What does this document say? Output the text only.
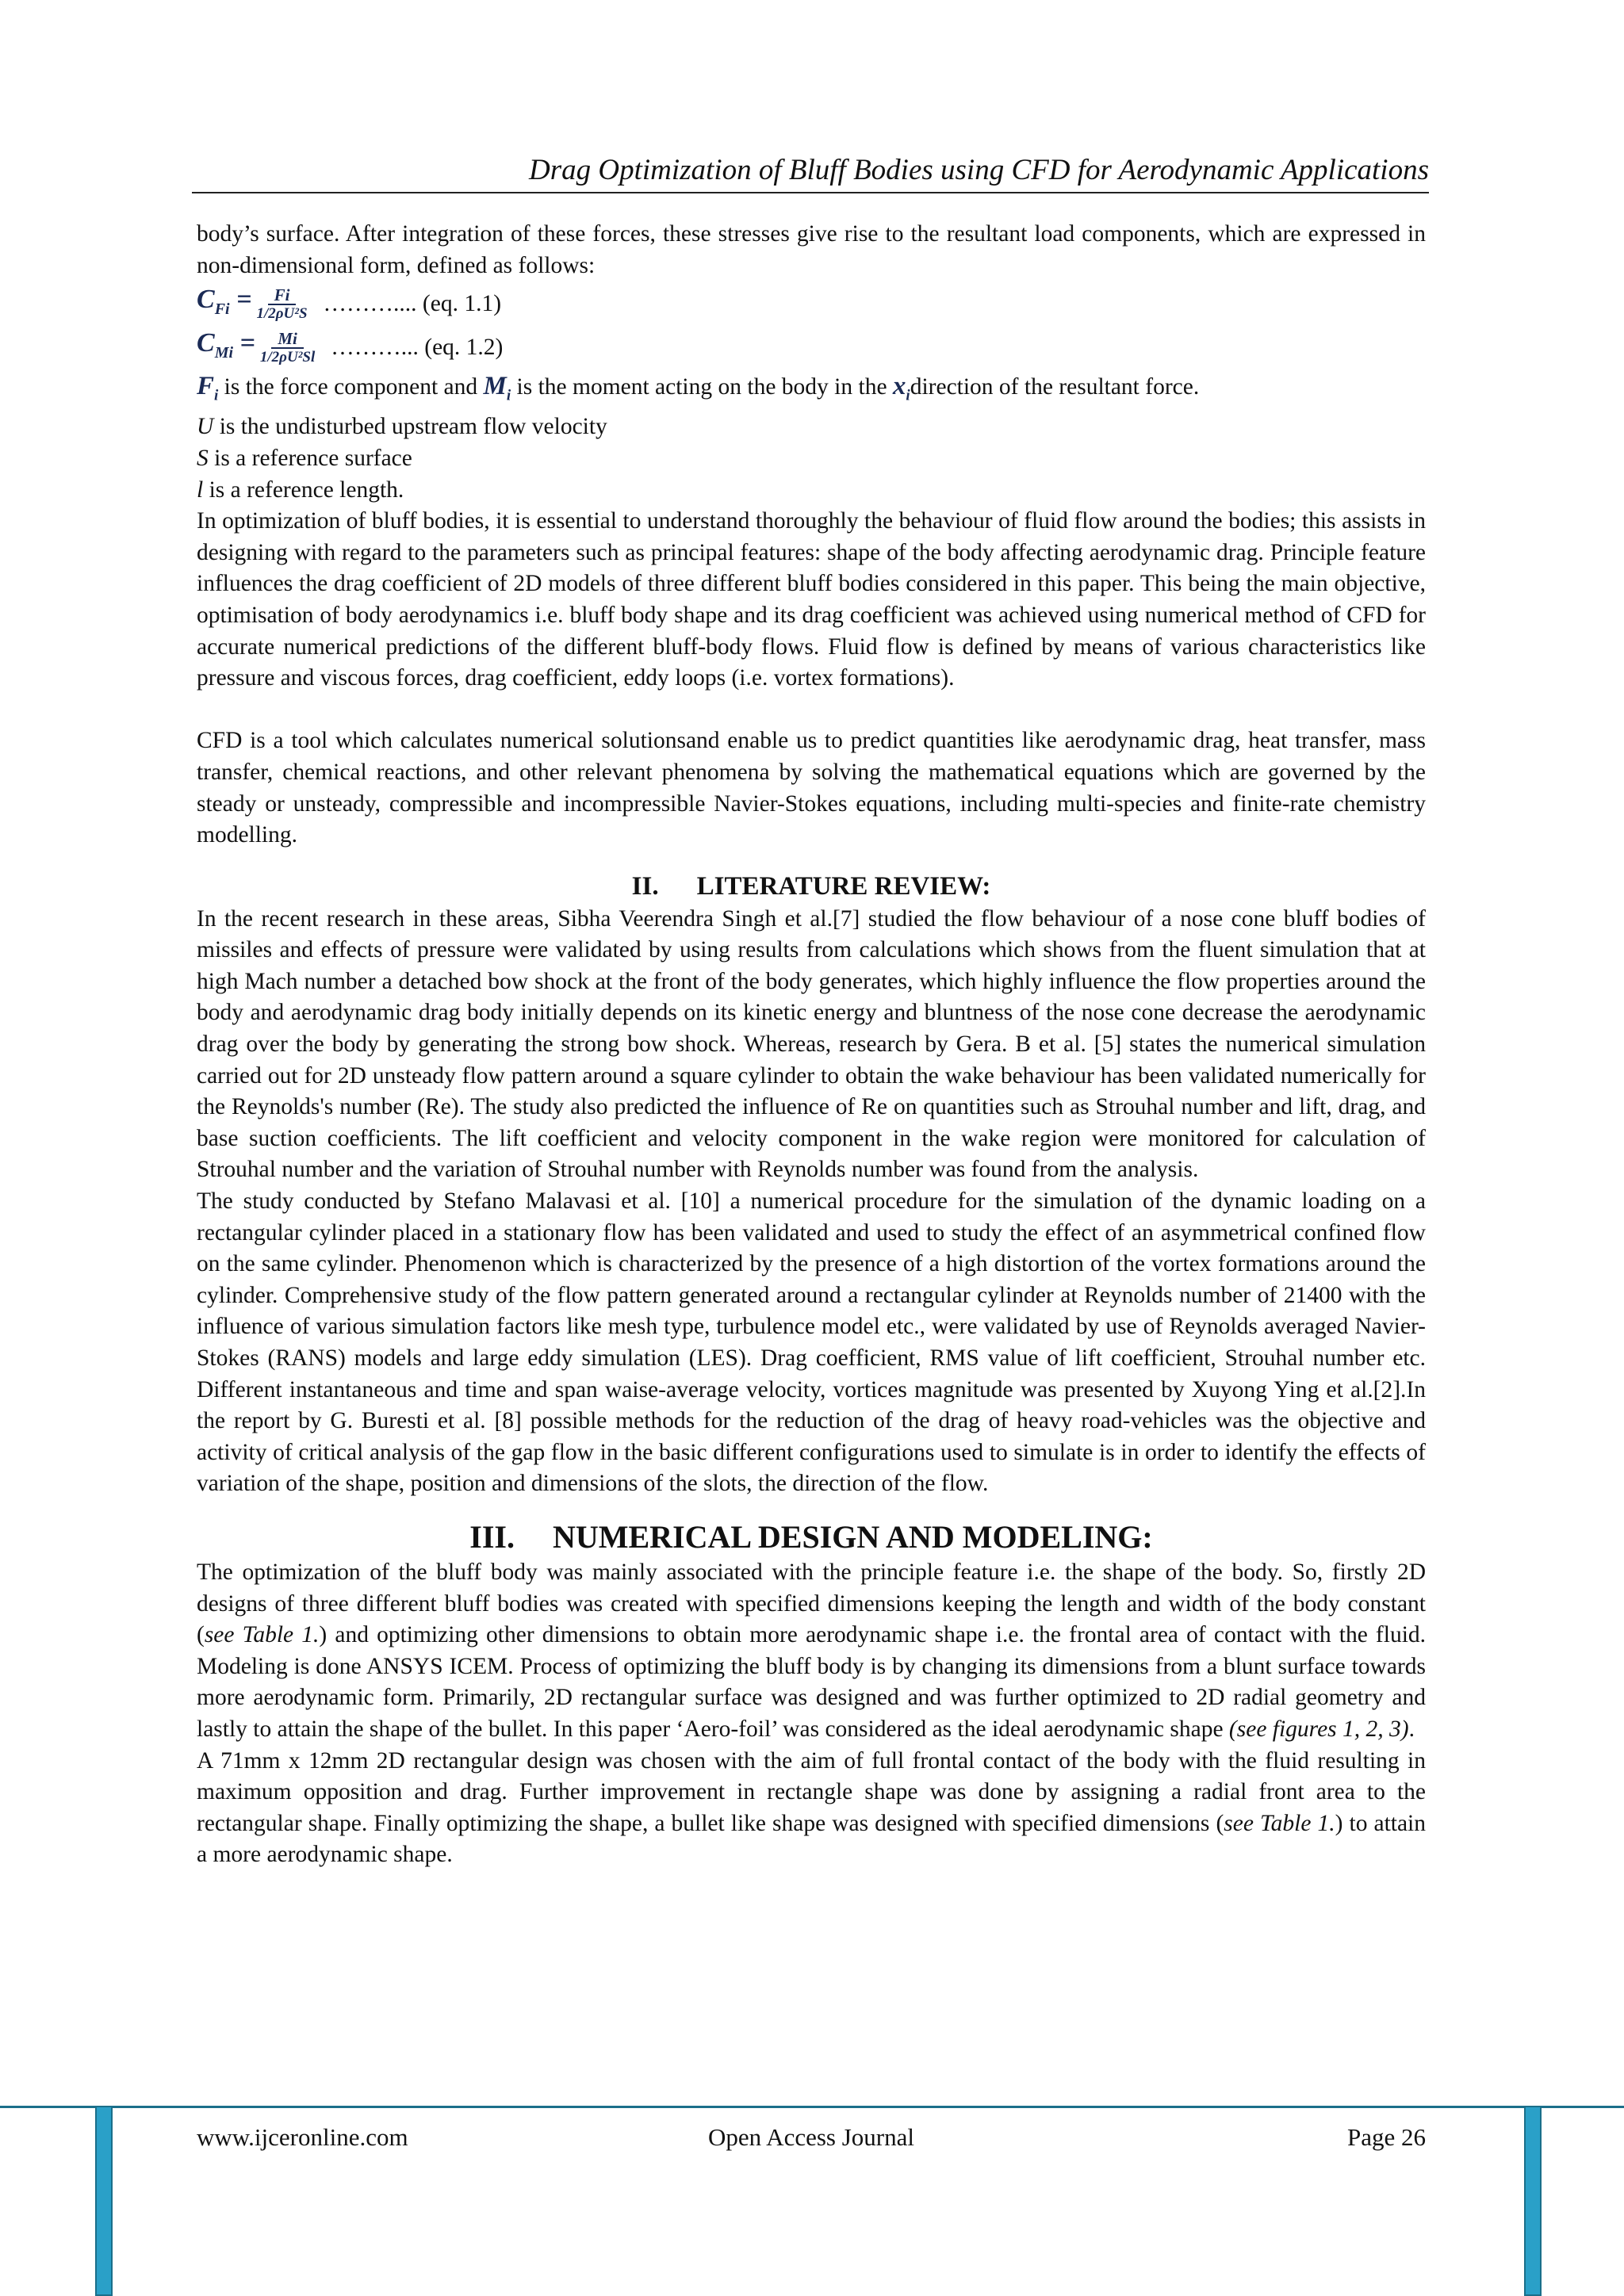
Drag Optimization of Bluff Bodies using CFD for Aerodynamic Applications

body’s surface. After integration of these forces, these stresses give rise to the resultant load components, which are expressed in non-dimensional form, defined as follows:

$C_{Fi} = \frac{Fi}{\text{1/2ρU²S}}$ ……….... (eq. 1.1)
$C_{Mi} = \frac{Mi}{\text{1/2ρU²Sl}}$ ………... (eq. 1.2)

$F_i$ is the force component and $M_i$ is the moment acting on the body in the $x_idirection$ of the resultant force.

U is the undisturbed upstream flow velocity

S is a reference surface

l is a reference length.

In optimization of bluff bodies, it is essential to understand thoroughly the behaviour of fluid flow around the bodies; this assists in designing with regard to the parameters such as principal features: shape of the body affecting aerodynamic drag. Principle feature influences the drag coefficient of 2D models of three different bluff bodies considered in this paper. This being the main objective, optimisation of body aerodynamics i.e. bluff body shape and its drag coefficient was achieved using numerical method of CFD for accurate numerical predictions of the different bluff-body flows. Fluid flow is defined by means of various characteristics like pressure and viscous forces, drag coefficient, eddy loops (i.e. vortex formations).

CFD is a tool which calculates numerical solutionsand enable us to predict quantities like aerodynamic drag, heat transfer, mass transfer, chemical reactions, and other relevant phenomena by solving the mathematical equations which are governed by the steady or unsteady, compressible and incompressible Navier-Stokes equations, including multi-species and finite-rate chemistry modelling.

II. LITERATURE REVIEW:

In the recent research in these areas, Sibha Veerendra Singh et al.[7] studied the flow behaviour of a nose cone bluff bodies of missiles and effects of pressure were validated by using results from calculations which shows from the fluent simulation that at high Mach number a detached bow shock at the front of the body generates, which highly influence the flow properties around the body and aerodynamic drag body initially depends on its kinetic energy and bluntness of the nose cone decrease the aerodynamic drag over the body by generating the strong bow shock. Whereas, research by Gera. B et al. [5] states the numerical simulation carried out for 2D unsteady flow pattern around a square cylinder to obtain the wake behaviour has been validated numerically for the Reynolds's number (Re). The study also predicted the influence of Re on quantities such as Strouhal number and lift, drag, and base suction coefficients. The lift coefficient and velocity component in the wake region were monitored for calculation of Strouhal number and the variation of Strouhal number with Reynolds number was found from the analysis.

The study conducted by Stefano Malavasi et al. [10] a numerical procedure for the simulation of the dynamic loading on a rectangular cylinder placed in a stationary flow has been validated and used to study the effect of an asymmetrical confined flow on the same cylinder. Phenomenon which is characterized by the presence of a high distortion of the vortex formations around the cylinder. Comprehensive study of the flow pattern generated around a rectangular cylinder at Reynolds number of 21400 with the influence of various simulation factors like mesh type, turbulence model etc., were validated by use of Reynolds averaged Navier-Stokes (RANS) models and large eddy simulation (LES). Drag coefficient, RMS value of lift coefficient, Strouhal number etc. Different instantaneous and time and span waise-average velocity, vortices magnitude was presented by Xuyong Ying et al.[2].In the report by G. Buresti et al. [8] possible methods for the reduction of the drag of heavy road-vehicles was the objective and activity of critical analysis of the gap flow in the basic different configurations used to simulate is in order to identify the effects of variation of the shape, position and dimensions of the slots, the direction of the flow.

III. NUMERICAL DESIGN AND MODELING:

The optimization of the bluff body was mainly associated with the principle feature i.e. the shape of the body. So, firstly 2D designs of three different bluff bodies was created with specified dimensions keeping the length and width of the body constant (see Table 1.) and optimizing other dimensions to obtain more aerodynamic shape i.e. the frontal area of contact with the fluid. Modeling is done ANSYS ICEM. Process of optimizing the bluff body is by changing its dimensions from a blunt surface towards more aerodynamic form. Primarily, 2D rectangular surface was designed and was further optimized to 2D radial geometry and lastly to attain the shape of the bullet. In this paper ‘Aero-foil’ was considered as the ideal aerodynamic shape (see figures 1, 2, 3).

A 71mm x 12mm 2D rectangular design was chosen with the aim of full frontal contact of the body with the fluid resulting in maximum opposition and drag. Further improvement in rectangle shape was done by assigning a radial front area to the rectangular shape. Finally optimizing the shape, a bullet like shape was designed with specified dimensions (see Table 1.) to attain a more aerodynamic shape.

www.ijceronline.com	Open Access Journal	Page 26
